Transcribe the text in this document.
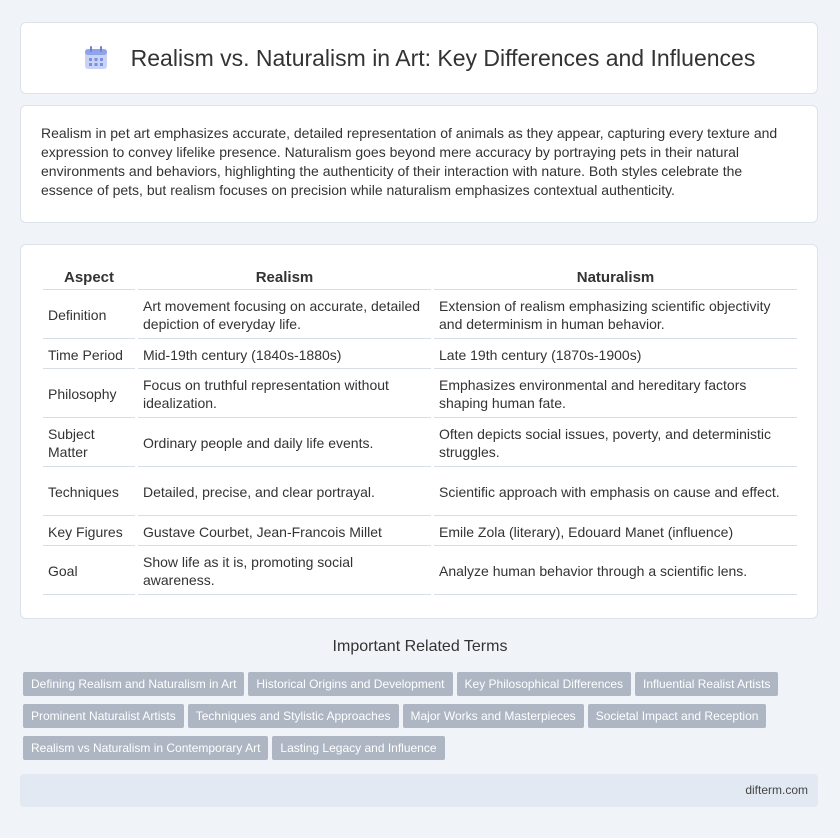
Realism vs. Naturalism in Art: Key Differences and Influences

Realism in pet art emphasizes accurate, detailed representation of animals as they appear, capturing every texture and expression to convey lifelike presence. Naturalism goes beyond mere accuracy by portraying pets in their natural environments and behaviors, highlighting the authenticity of their interaction with nature. Both styles celebrate the essence of pets, but realism focuses on precision while naturalism emphasizes contextual authenticity.

Aspect	Realism	Naturalism
Definition	Art movement focusing on accurate, detailed depiction of everyday life.	Extension of realism emphasizing scientific objectivity and determinism in human behavior.
Time Period	Mid-19th century (1840s-1880s)	Late 19th century (1870s-1900s)
Philosophy	Focus on truthful representation without idealization.	Emphasizes environmental and hereditary factors shaping human fate.
Subject Matter	Ordinary people and daily life events.	Often depicts social issues, poverty, and deterministic struggles.
Techniques	Detailed, precise, and clear portrayal.	Scientific approach with emphasis on cause and effect.
Key Figures	Gustave Courbet, Jean-Francois Millet	Emile Zola (literary), Edouard Manet (influence)
Goal	Show life as it is, promoting social awareness.	Analyze human behavior through a scientific lens.
Important Related Terms
Defining Realism and Naturalism in Art Historical Origins and Development Key Philosophical Differences Influential Realist Artists
Prominent Naturalist Artists Techniques and Stylistic Approaches Major Works and Masterpieces Societal Impact and Reception
Realism vs Naturalism in Contemporary Art Lasting Legacy and Influence
difterm.com
